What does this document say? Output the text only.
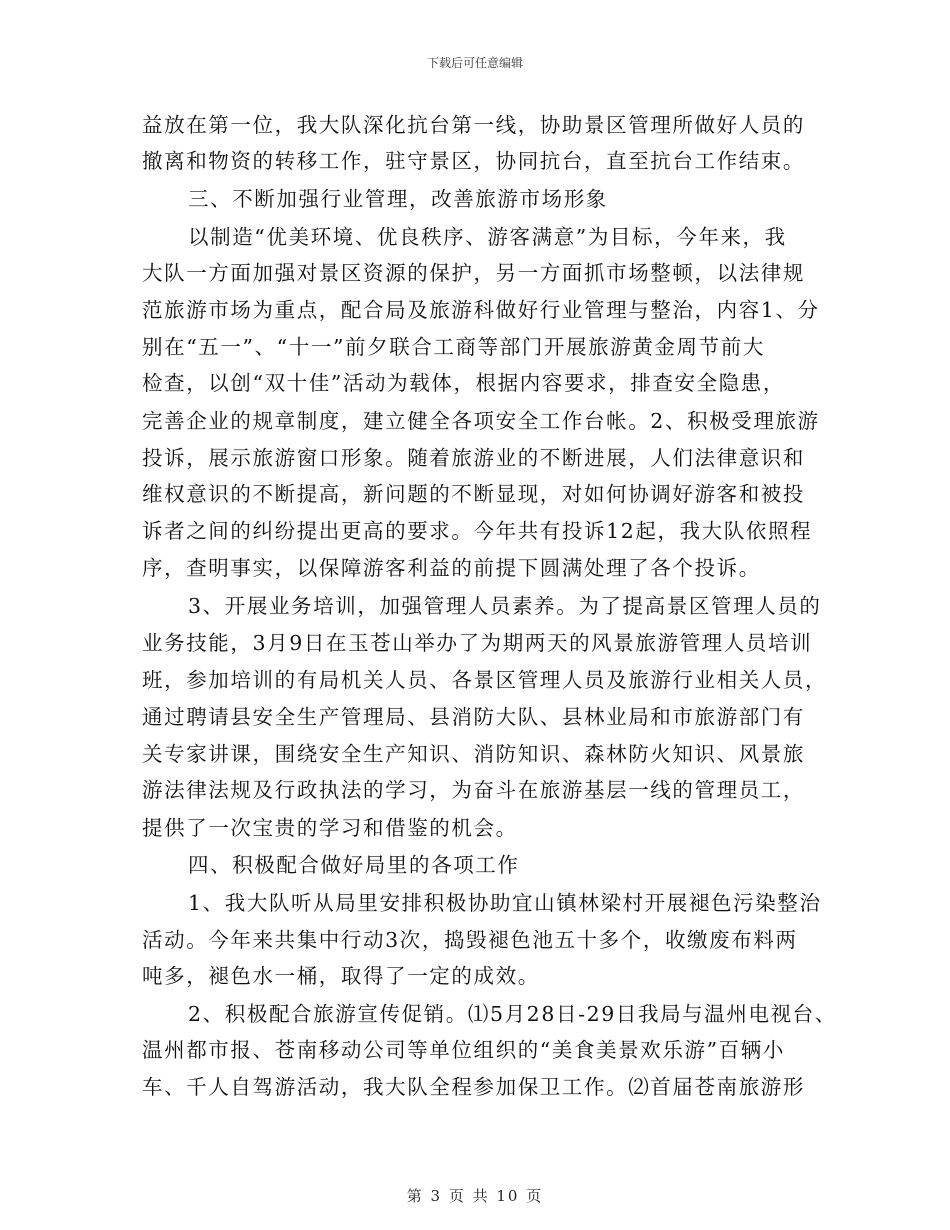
下载后可任意编辑
益放在第一位，我大队深化抗台第一线，协助景区管理所做好人员的
撤离和物资的转移工作，驻守景区，协同抗台，直至抗台工作结束。
三、不断加强行业管理，改善旅游市场形象
以制造“优美环境、优良秩序、游客满意”为目标，今年来，我
大队一方面加强对景区资源的保护，另一方面抓市场整顿，以法律规
范旅游市场为重点，配合局及旅游科做好行业管理与整治，内容1、分
别在“五一”、“十一”前夕联合工商等部门开展旅游黄金周节前大
检查，以创“双十佳”活动为载体，根据内容要求，排查安全隐患，
完善企业的规章制度，建立健全各项安全工作台帐。2、积极受理旅游
投诉，展示旅游窗口形象。随着旅游业的不断进展，人们法律意识和
维权意识的不断提高，新问题的不断显现，对如何协调好游客和被投
诉者之间的纠纷提出更高的要求。今年共有投诉12起，我大队依照程
序，查明事实，以保障游客利益的前提下圆满处理了各个投诉。
3、开展业务培训，加强管理人员素养。为了提高景区管理人员的
业务技能，3月9日在玉苍山举办了为期两天的风景旅游管理人员培训
班，参加培训的有局机关人员、各景区管理人员及旅游行业相关人员，
通过聘请县安全生产管理局、县消防大队、县林业局和市旅游部门有
关专家讲课，围绕安全生产知识、消防知识、森林防火知识、风景旅
游法律法规及行政执法的学习，为奋斗在旅游基层一线的管理员工，
提供了一次宝贵的学习和借鉴的机会。
四、积极配合做好局里的各项工作
1、我大队听从局里安排积极协助宜山镇林梁村开展褪色污染整治
活动。今年来共集中行动3次，捣毁褪色池五十多个，收缴废布料两
吨多，褪色水一桶，取得了一定的成效。
2、积极配合旅游宣传促销。⑴5月28日-29日我局与温州电视台、
温州都市报、苍南移动公司等单位组织的“美食美景欢乐游”百辆小
车、千人自驾游活动，我大队全程参加保卫工作。⑵首届苍南旅游形
第 3 页 共 10 页
